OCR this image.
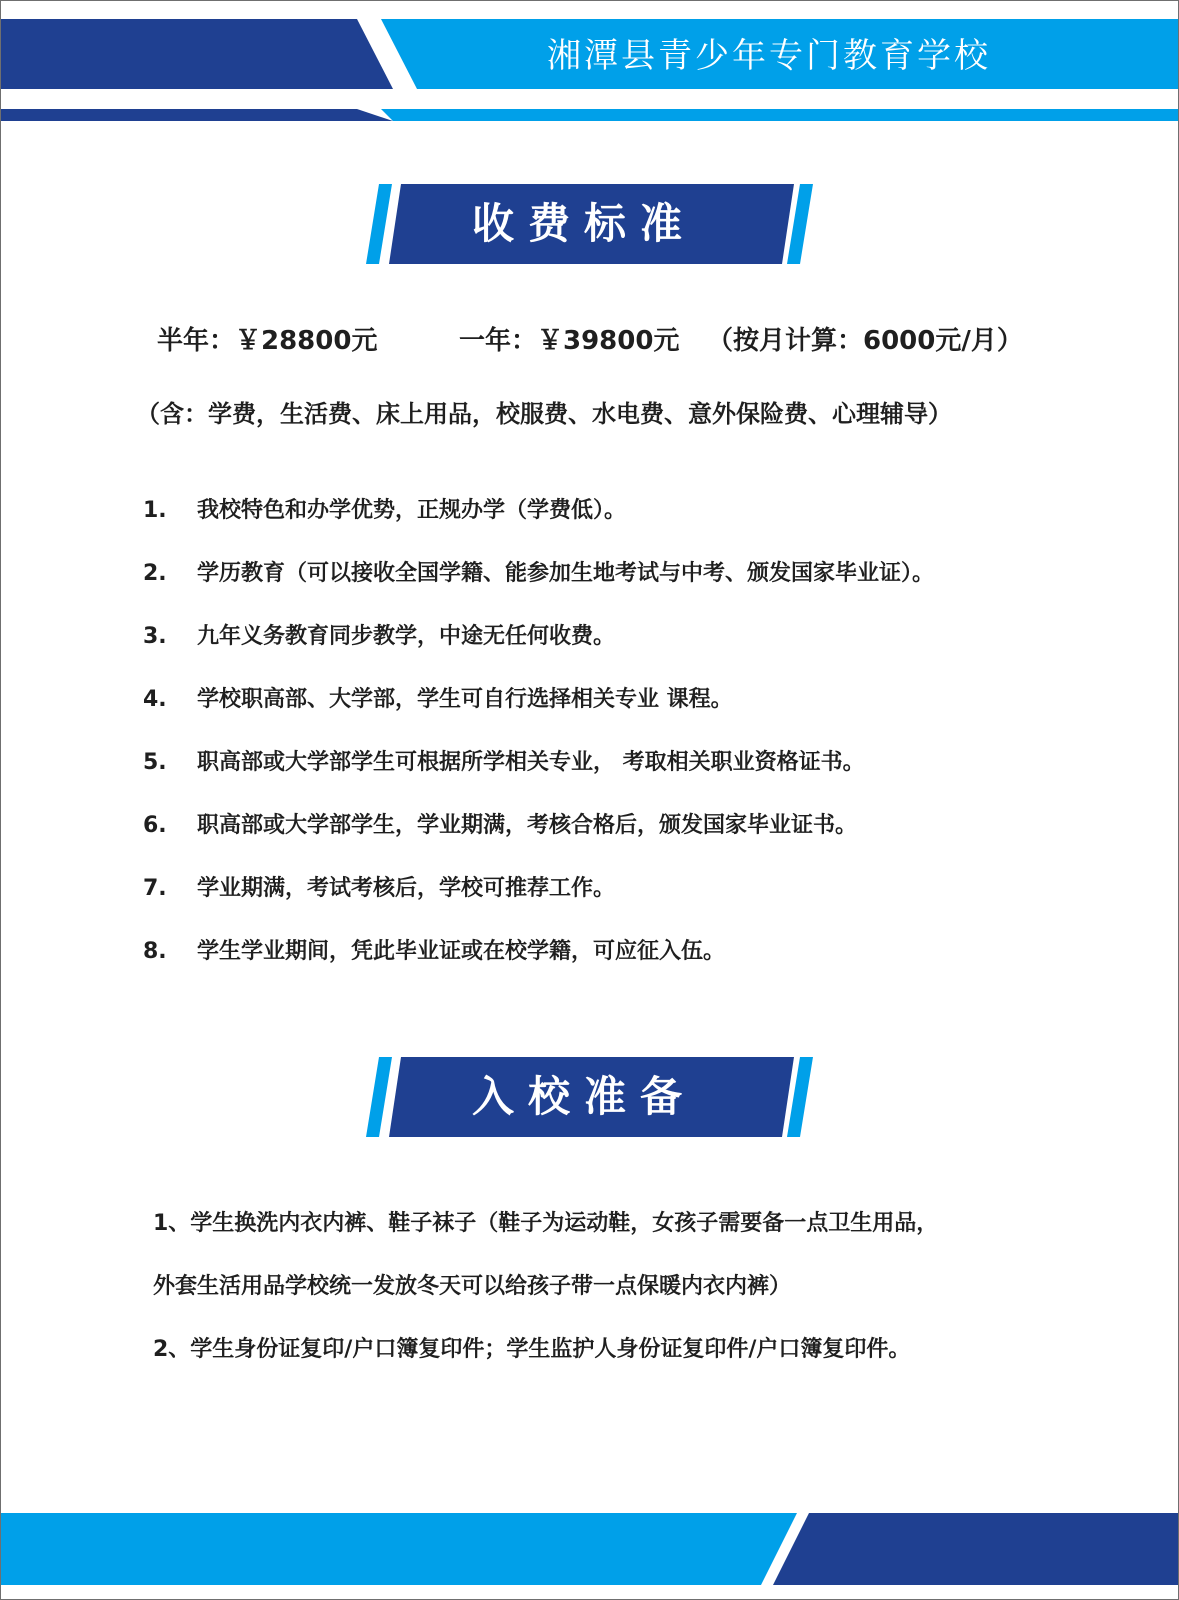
湘潭县青少年专门教育学校
收费标准

半年：￥28800元	一年：￥39800元 （按月计算：6000元/月）

（含：学费，生活费、床上用品，校服费、水电费、意外保险费、心理辅导）

1. 我校特色和办学优势，正规办学（学费低）。
2. 学历教育（可以接收全国学籍、能参加生地考试与中考、颁发国家毕业证）。
3. 九年义务教育同步教学，中途无任何收费。
4. 学校职高部、大学部，学生可自行选择相关专业 课程。
5. 职高部或大学部学生可根据所学相关专业， 考取相关职业资格证书。
6. 职高部或大学部学生，学业期满，考核合格后，颁发国家毕业证书。
7. 学业期满，考试考核后，学校可推荐工作。
8. 学生学业期间，凭此毕业证或在校学籍，可应征入伍。
入校准备

1、学生换洗内衣内裤、鞋子袜子（鞋子为运动鞋，女孩子需要备一点卫生用品，

外套生活用品学校统一发放冬天可以给孩子带一点保暖内衣内裤）

2、学生身份证复印/户口簿复印件；学生监护人身份证复印件/户口簿复印件。
